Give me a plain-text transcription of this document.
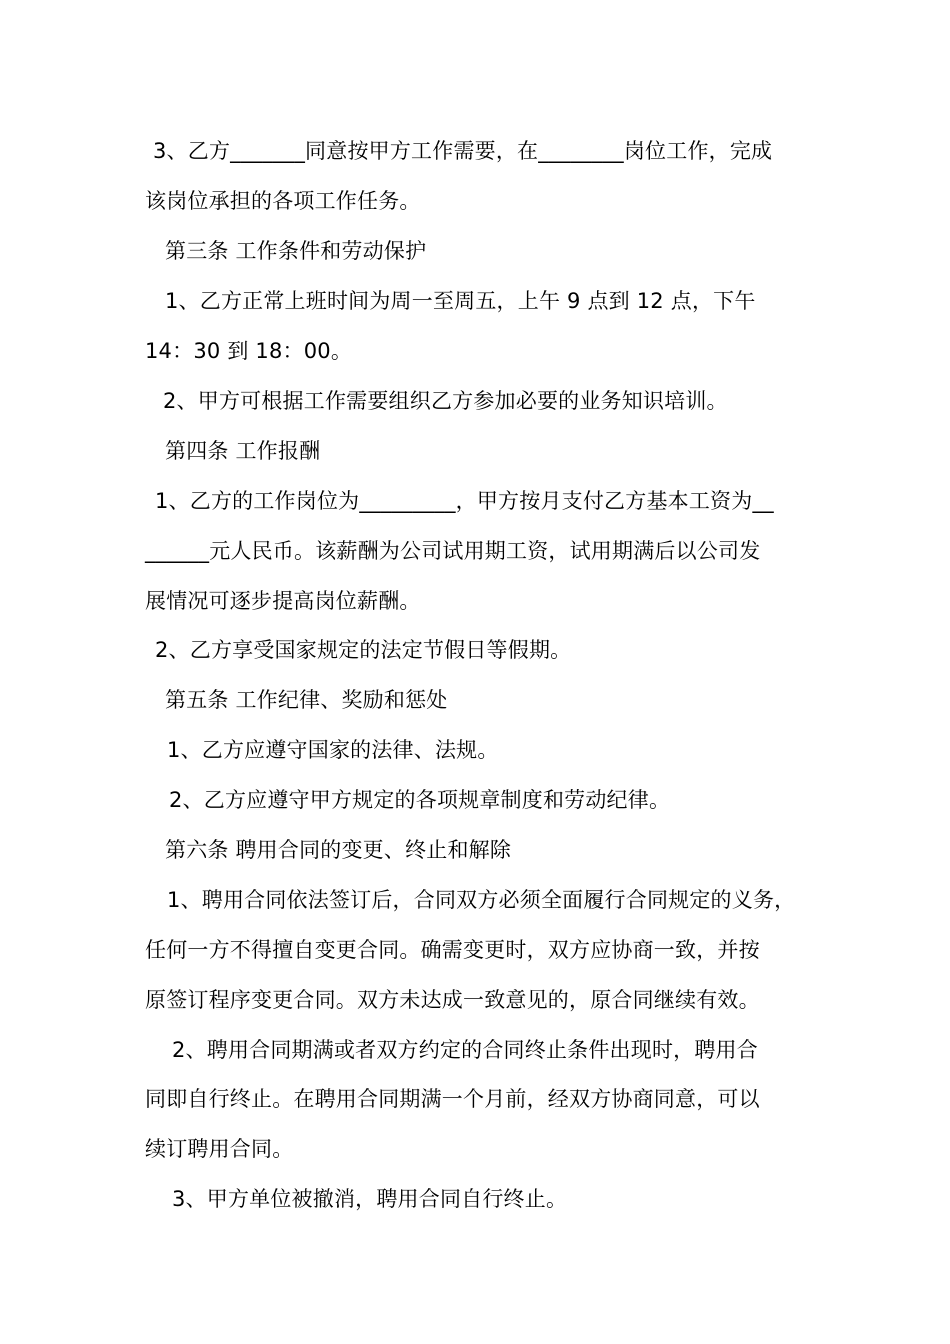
3、乙方_______同意按甲方工作需要，在________岗位工作，完成
该岗位承担的各项工作任务。
第三条 工作条件和劳动保护
1、乙方正常上班时间为周一至周五，上午 9 点到 12 点，下午
14：30 到 18：00。
2、甲方可根据工作需要组织乙方参加必要的业务知识培训。
第四条 工作报酬
1、乙方的工作岗位为_________，甲方按月支付乙方基本工资为__
______元人民币。该薪酬为公司试用期工资，试用期满后以公司发
展情况可逐步提高岗位薪酬。
2、乙方享受国家规定的法定节假日等假期。
第五条 工作纪律、奖励和惩处
1、乙方应遵守国家的法律、法规。
2、乙方应遵守甲方规定的各项规章制度和劳动纪律。
第六条 聘用合同的变更、终止和解除
1、聘用合同依法签订后，合同双方必须全面履行合同规定的义务，
任何一方不得擅自变更合同。确需变更时，双方应协商一致，并按
原签订程序变更合同。双方未达成一致意见的，原合同继续有效。
2、聘用合同期满或者双方约定的合同终止条件出现时，聘用合
同即自行终止。在聘用合同期满一个月前，经双方协商同意，可以
续订聘用合同。
3、甲方单位被撤消，聘用合同自行终止。
